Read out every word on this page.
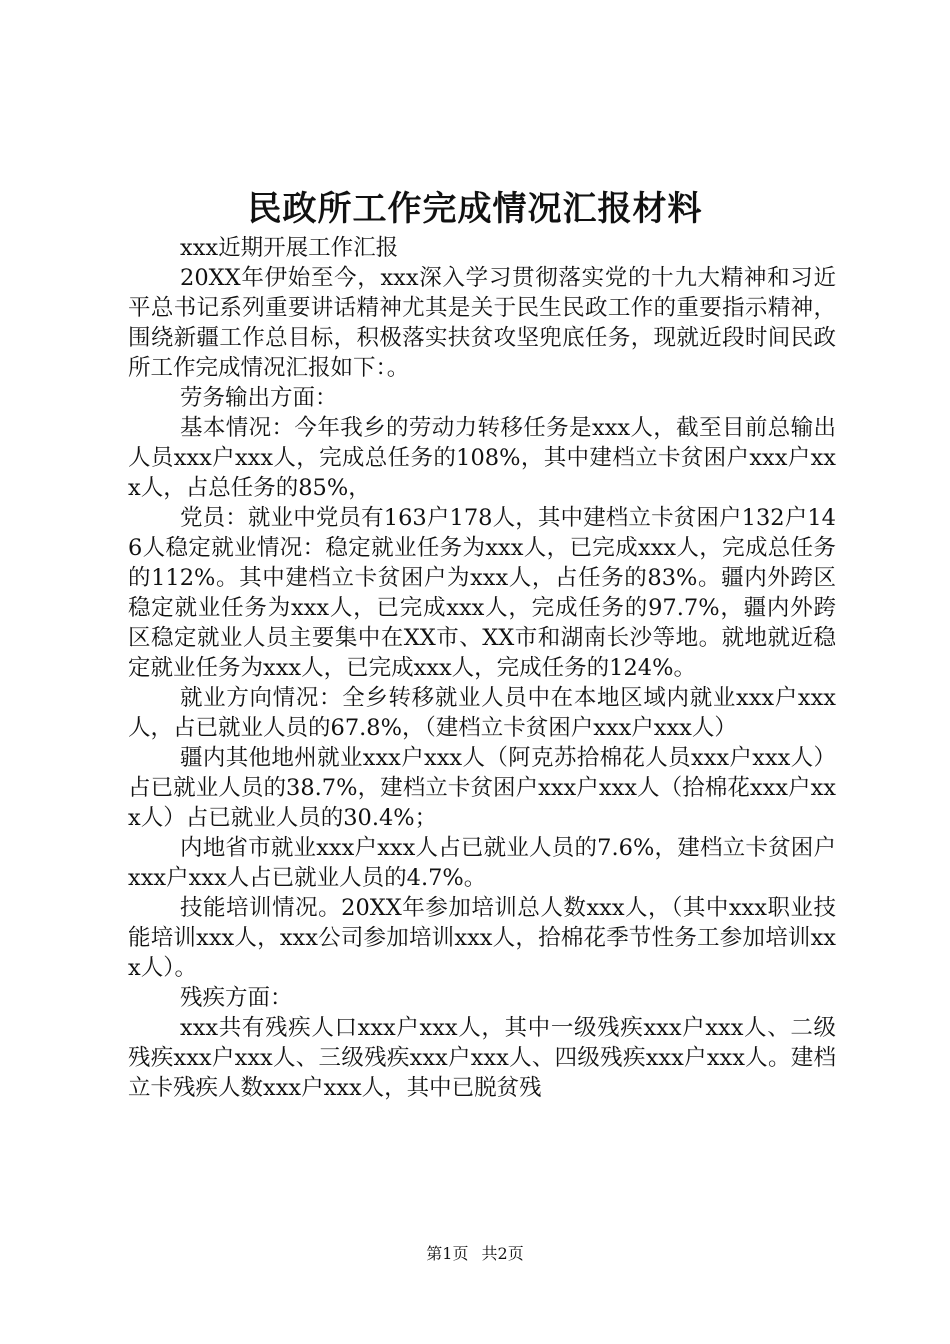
民政所工作完成情况汇报材料

xxx近期开展工作汇报

20XX年伊始至今，xxx深入学习贯彻落实党的十九大精神和习近平总书记系列重要讲话精神尤其是关于民生民政工作的重要指示精神，围绕新疆工作总目标，积极落实扶贫攻坚兜底任务，现就近段时间民政所工作完成情况汇报如下：。

劳务输出方面：

基本情况：今年我乡的劳动力转移任务是xxx人，截至目前总输出人员xxx户xxx人，完成总任务的108%，其中建档立卡贫困户xxx户xxx人，占总任务的85%，

党员：就业中党员有163户178人，其中建档立卡贫困户132户146人稳定就业情况：稳定就业任务为xxx人，已完成xxx人，完成总任务的112%。其中建档立卡贫困户为xxx人，占任务的83%。疆内外跨区稳定就业任务为xxx人，已完成xxx人，完成任务的97.7%，疆内外跨区稳定就业人员主要集中在XX市、XX市和湖南长沙等地。就地就近稳定就业任务为xxx人，已完成xxx人，完成任务的124%。

就业方向情况：全乡转移就业人员中在本地区域内就业xxx户xxx人，占已就业人员的67.8%，（建档立卡贫困户xxx户xxx人）

疆内其他地州就业xxx户xxx人（阿克苏拾棉花人员xxx户xxx人）占已就业人员的38.7%，建档立卡贫困户xxx户xxx人（拾棉花xxx户xxx人）占已就业人员的30.4%；

内地省市就业xxx户xxx人占已就业人员的7.6%，建档立卡贫困户xxx户xxx人占已就业人员的4.7%。

技能培训情况。20XX年参加培训总人数xxx人，（其中xxx职业技能培训xxx人，xxx公司参加培训xxx人，拾棉花季节性务工参加培训xxx人）。

残疾方面：

xxx共有残疾人口xxx户xxx人，其中一级残疾xxx户xxx人、二级残疾xxx户xxx人、三级残疾xxx户xxx人、四级残疾xxx户xxx人。建档立卡残疾人数xxx户xxx人，其中已脱贫残

第1页 共2页
